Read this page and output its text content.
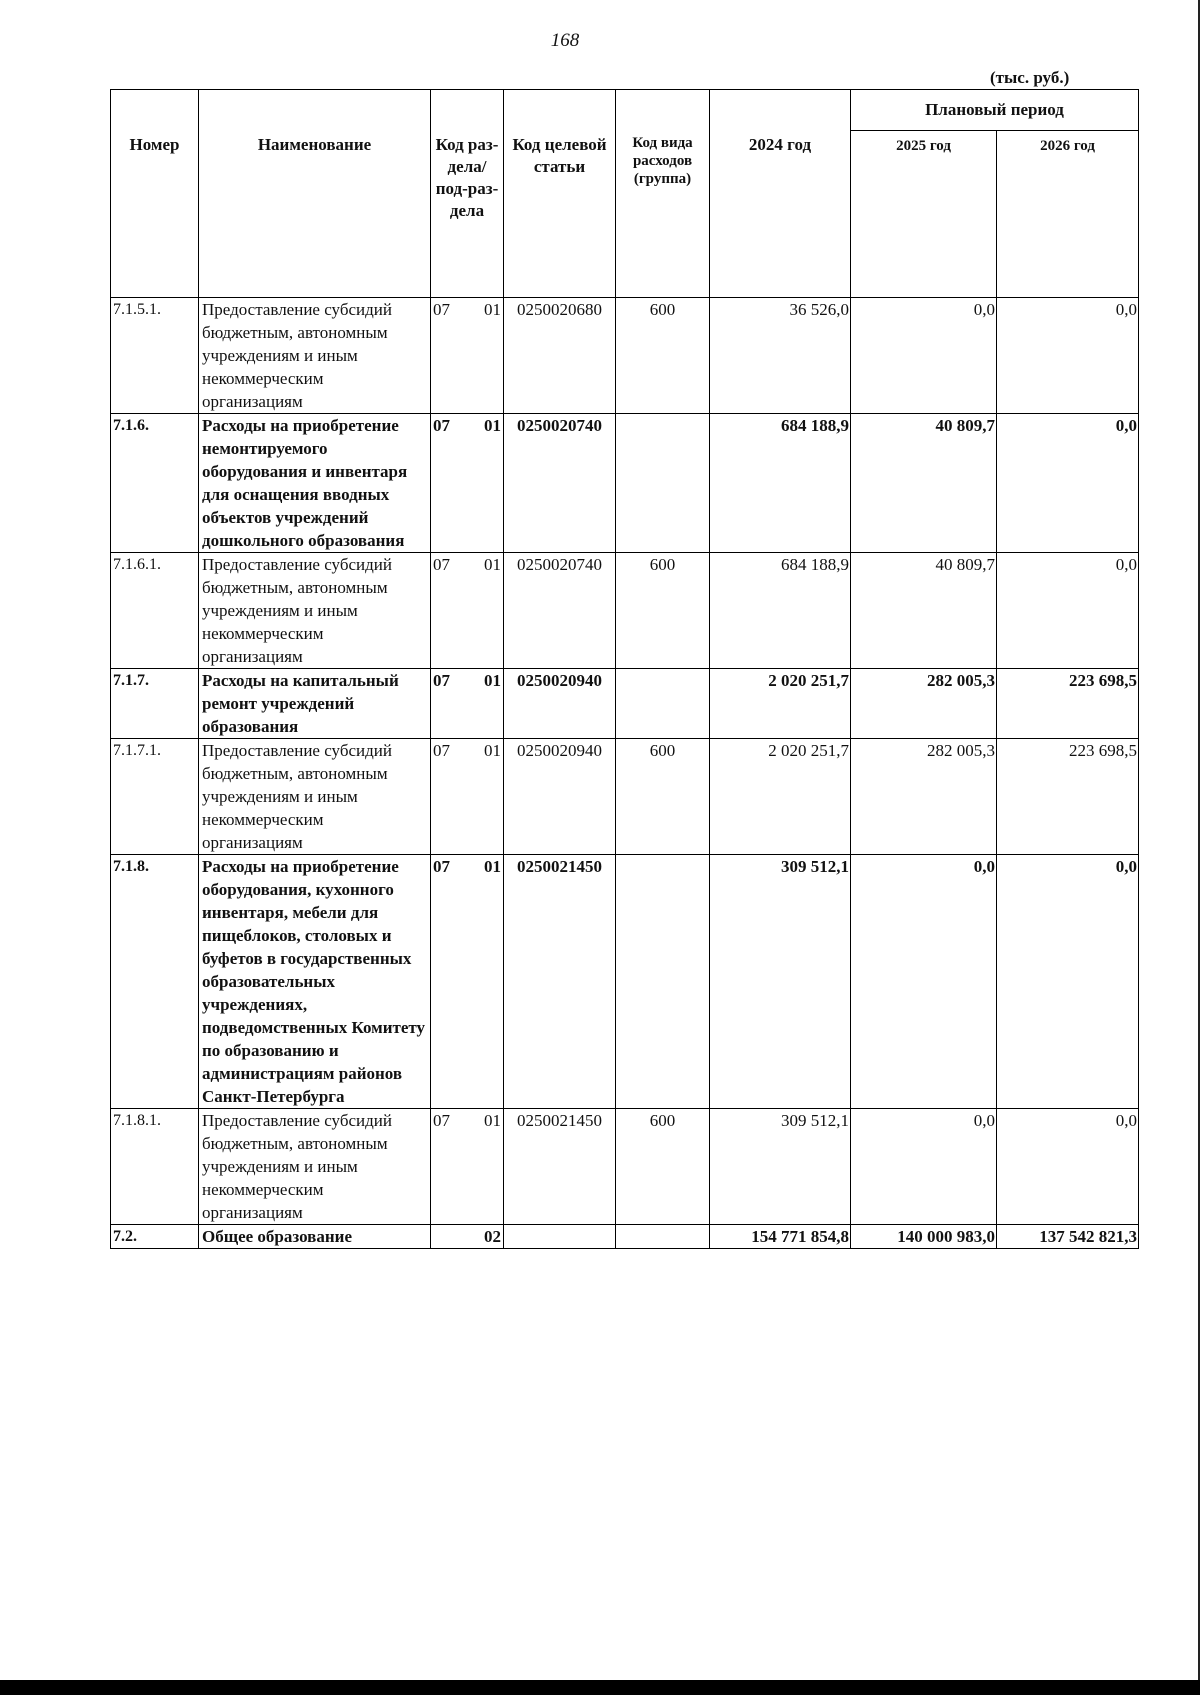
168
(тыс. руб.)
Номер	Наименование	Код раз-дела/ под-раз-дела	Код целевой статьи	Код вида расходов (группа)	2024 год	Плановый период	
						2025 год	2026 год
7.1.5.1.	Предоставление субсидий бюджетным, автономным учреждениям и иным некоммерческим организациям	07 01	0250020680	600	36 526,0	0,0	0,0
7.1.6.	Расходы на приобретение немонтируемого оборудования и инвентаря для оснащения вводных объектов учреждений дошкольного образования	07 01	0250020740		684 188,9	40 809,7	0,0
7.1.6.1.	Предоставление субсидий бюджетным, автономным учреждениям и иным некоммерческим организациям	07 01	0250020740	600	684 188,9	40 809,7	0,0
7.1.7.	Расходы на капитальный ремонт учреждений образования	07 01	0250020940		2 020 251,7	282 005,3	223 698,5
7.1.7.1.	Предоставление субсидий бюджетным, автономным учреждениям и иным некоммерческим организациям	07 01	0250020940	600	2 020 251,7	282 005,3	223 698,5
7.1.8.	Расходы на приобретение оборудования, кухонного инвентаря, мебели для пищеблоков, столовых и буфетов в государственных образовательных учреждениях, подведомственных Комитету по образованию и администрациям районов Санкт-Петербурга	07 01	0250021450		309 512,1	0,0	0,0
7.1.8.1.	Предоставление субсидий бюджетным, автономным учреждениям и иным некоммерческим организациям	07 01	0250021450	600	309 512,1	0,0	0,0
7.2.	Общее образование	02			154 771 854,8	140 000 983,0	137 542 821,3
